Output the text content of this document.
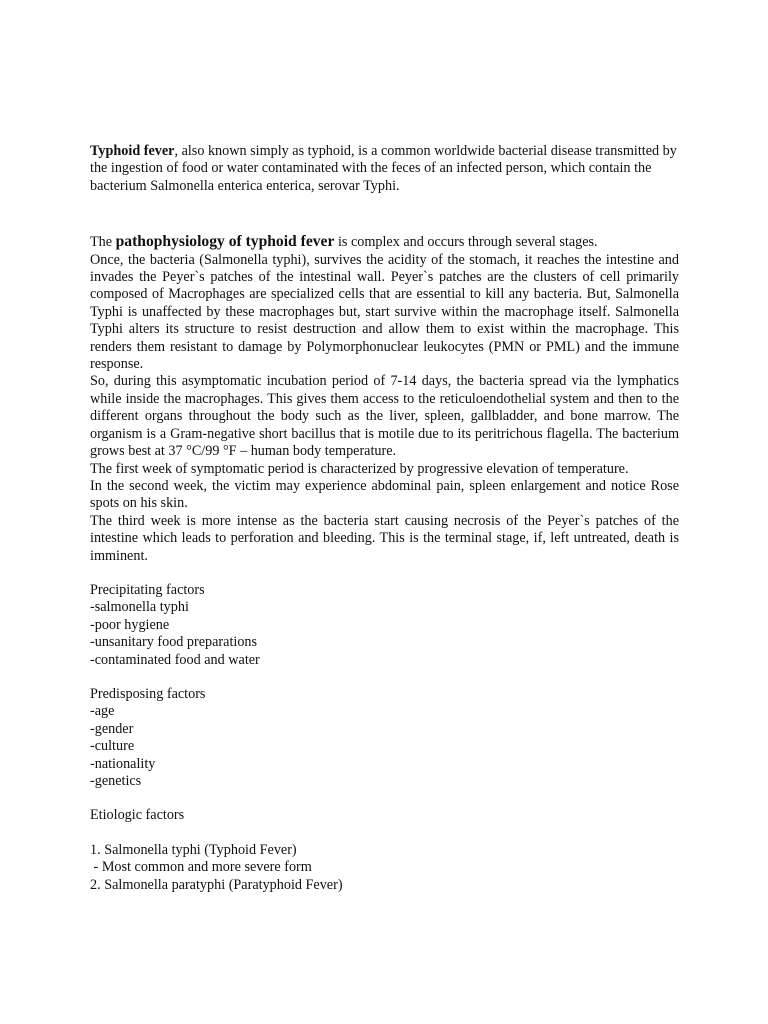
Typhoid fever, also known simply as typhoid, is a common worldwide bacterial disease transmitted by the ingestion of food or water contaminated with the feces of an infected person, which contain the bacterium Salmonella enterica enterica, serovar Typhi.

The pathophysiology of typhoid fever is complex and occurs through several stages.

Once, the bacteria (Salmonella typhi), survives the acidity of the stomach, it reaches the intestine and invades the Peyer`s patches of the intestinal wall. Peyer`s patches are the clusters of cell primarily composed of Macrophages are specialized cells that are essential to kill any bacteria. But, Salmonella Typhi is unaffected by these macrophages but, start survive within the macrophage itself. Salmonella Typhi alters its structure to resist destruction and allow them to exist within the macrophage. This renders them resistant to damage by Polymorphonuclear leukocytes (PMN or PML) and the immune response.

So, during this asymptomatic incubation period of 7-14 days, the bacteria spread via the lymphatics while inside the macrophages. This gives them access to the reticuloendothelial system and then to the different organs throughout the body such as the liver, spleen, gallbladder, and bone marrow. The organism is a Gram-negative short bacillus that is motile due to its peritrichous flagella. The bacterium grows best at 37 °C/99 °F – human body temperature.

The first week of symptomatic period is characterized by progressive elevation of temperature.

In the second week, the victim may experience abdominal pain, spleen enlargement and notice Rose spots on his skin.

The third week is more intense as the bacteria start causing necrosis of the Peyer`s patches of the intestine which leads to perforation and bleeding. This is the terminal stage, if, left untreated, death is imminent.

Precipitating factors
-salmonella typhi
-poor hygiene
-unsanitary food preparations
-contaminated food and water
Predisposing factors
-age
-gender
-culture
-nationality
-genetics
Etiologic factors
1. Salmonella typhi (Typhoid Fever)
- Most common and more severe form
2. Salmonella paratyphi (Paratyphoid Fever)
